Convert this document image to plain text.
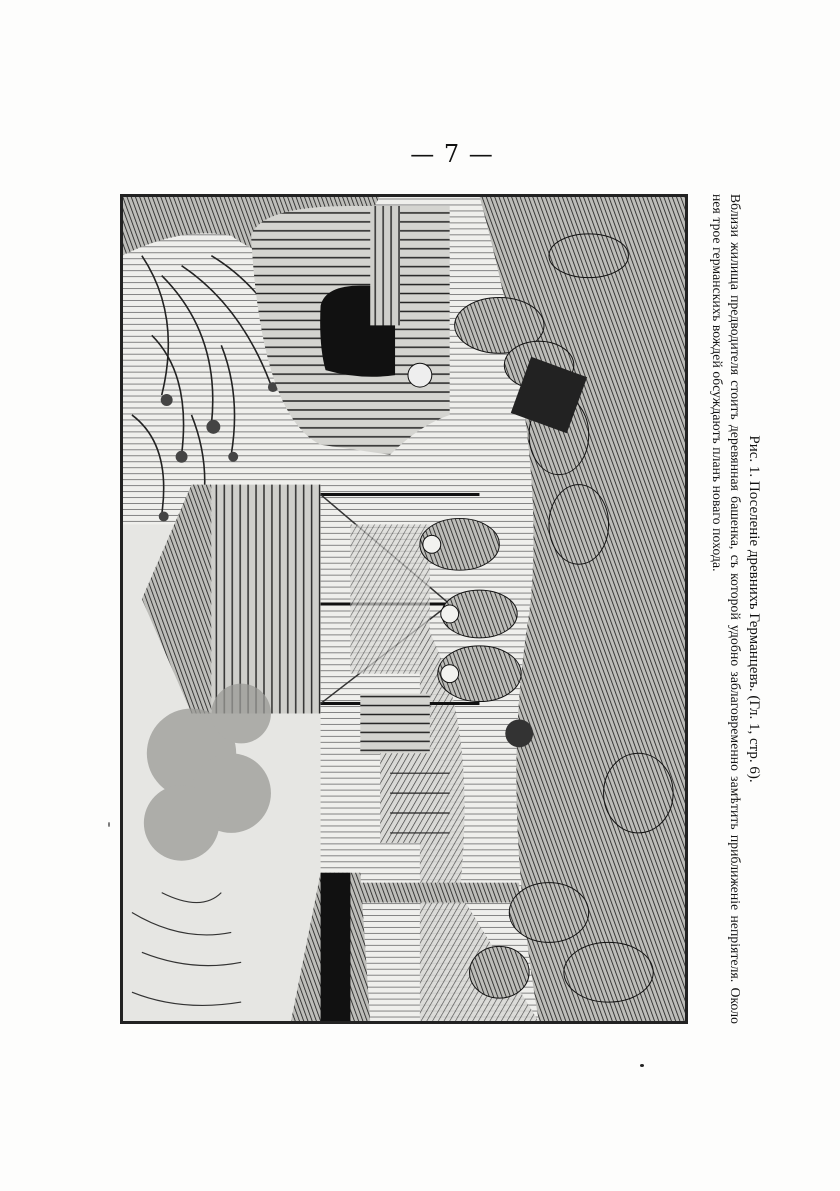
— 7 —
Рис. 1. Поселеніе древнихъ Германцевъ. (Гл. 1, стр. 6).
Вблизи жилища предводителя стоитъ деревянная башенка, съ которой удобно заблаговременно замѣтить приближеніе непріятеля. Около нея трое германскихъ вождей обсуждаютъ планъ новаго похода.
